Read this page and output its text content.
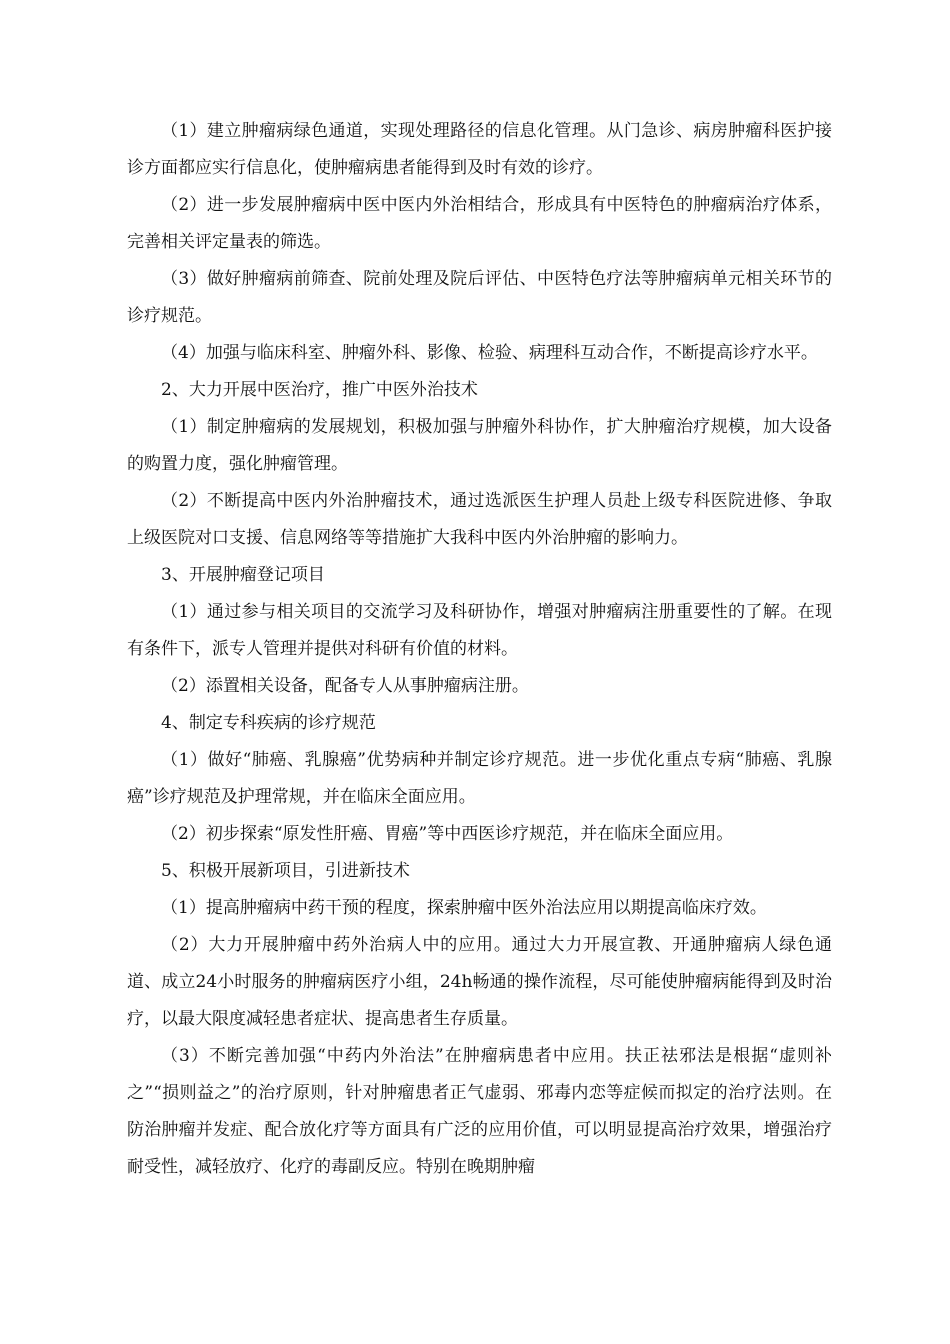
（1）建立肿瘤病绿色通道，实现处理路径的信息化管理。从门急诊、病房肿瘤科医护接诊方面都应实行信息化，使肿瘤病患者能得到及时有效的诊疗。

（2）进一步发展肿瘤病中医中医内外治相结合，形成具有中医特色的肿瘤病治疗体系，完善相关评定量表的筛选。

（3）做好肿瘤病前筛查、院前处理及院后评估、中医特色疗法等肿瘤病单元相关环节的诊疗规范。

（4）加强与临床科室、肿瘤外科、影像、检验、病理科互动合作，不断提高诊疗水平。

2、大力开展中医治疗，推广中医外治技术

（1）制定肿瘤病的发展规划，积极加强与肿瘤外科协作，扩大肿瘤治疗规模，加大设备的购置力度，强化肿瘤管理。

（2）不断提高中医内外治肿瘤技术，通过选派医生护理人员赴上级专科医院进修、争取上级医院对口支援、信息网络等等措施扩大我科中医内外治肿瘤的影响力。

3、开展肿瘤登记项目

（1）通过参与相关项目的交流学习及科研协作，增强对肿瘤病注册重要性的了解。在现有条件下，派专人管理并提供对科研有价值的材料。

（2）添置相关设备，配备专人从事肿瘤病注册。

4、制定专科疾病的诊疗规范

（1）做好“肺癌、乳腺癌”优势病种并制定诊疗规范。进一步优化重点专病“肺癌、乳腺癌”诊疗规范及护理常规，并在临床全面应用。

（2）初步探索“原发性肝癌、胃癌”等中西医诊疗规范，并在临床全面应用。

5、积极开展新项目，引进新技术

（1）提高肿瘤病中药干预的程度，探索肿瘤中医外治法应用以期提高临床疗效。

（2）大力开展肿瘤中药外治病人中的应用。通过大力开展宣教、开通肿瘤病人绿色通道、成立24小时服务的肿瘤病医疗小组，24h畅通的操作流程，尽可能使肿瘤病能得到及时治疗，以最大限度减轻患者症状、提高患者生存质量。

（3）不断完善加强“中药内外治法”在肿瘤病患者中应用。扶正祛邪法是根据“虚则补之”“损则益之”的治疗原则，针对肿瘤患者正气虚弱、邪毒内恋等症候而拟定的治疗法则。在防治肿瘤并发症、配合放化疗等方面具有广泛的应用价值，可以明显提高治疗效果，增强治疗耐受性，减轻放疗、化疗的毒副反应。特别在晚期肿瘤
